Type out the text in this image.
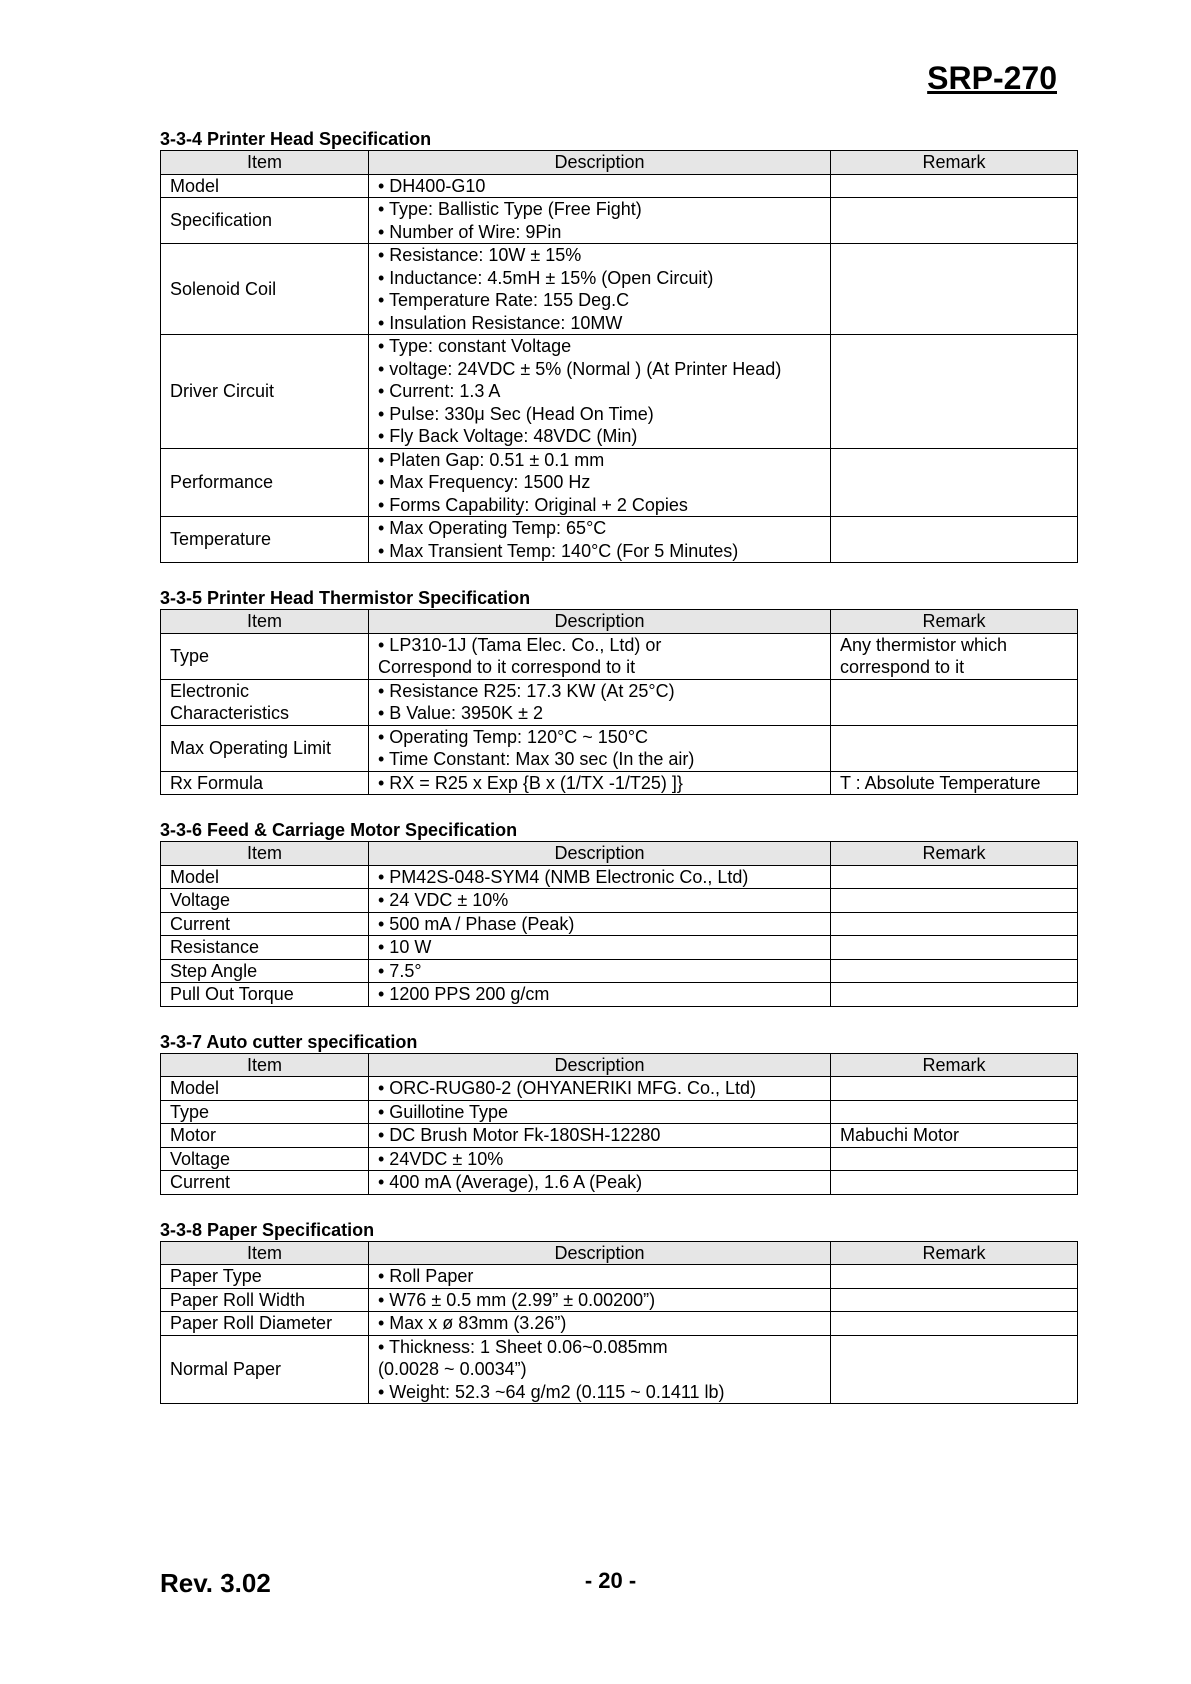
SRP-270
3-3-4 Printer Head Specification
Item	Description	Remark
Model	• DH400-G10	
Specification	• Type: Ballistic Type (Free Fight)
• Number of Wire: 9Pin	
Solenoid Coil	• Resistance: 10W ± 15%
• Inductance: 4.5mH ± 15% (Open Circuit)
• Temperature Rate: 155 Deg.C
• Insulation Resistance: 10MW	
Driver Circuit	• Type: constant Voltage
• voltage: 24VDC ± 5% (Normal ) (At Printer Head)
• Current: 1.3 A
• Pulse: 330μ Sec (Head On Time)
• Fly Back Voltage: 48VDC (Min)	
Performance	• Platen Gap: 0.51 ± 0.1 mm
• Max Frequency: 1500 Hz
• Forms Capability: Original + 2 Copies	
Temperature	• Max Operating Temp: 65°C
• Max Transient Temp: 140°C (For 5 Minutes)	
3-3-5 Printer Head Thermistor Specification
Item	Description	Remark
Type	• LP310-1J (Tama Elec. Co., Ltd) or
Correspond to it correspond to it	Any thermistor which
correspond to it
Electronic
Characteristics	• Resistance R25: 17.3 KW (At 25°C)
• B Value: 3950K ± 2	
Max Operating Limit	• Operating Temp: 120°C ~ 150°C
• Time Constant: Max 30 sec (In the air)	
Rx Formula	• RX = R25 x Exp {B x (1/TX -1/T25) ]}	T : Absolute Temperature
3-3-6 Feed & Carriage Motor Specification
Item	Description	Remark
Model	• PM42S-048-SYM4 (NMB Electronic Co., Ltd)	
Voltage	• 24 VDC ± 10%	
Current	• 500 mA / Phase (Peak)	
Resistance	• 10 W	
Step Angle	• 7.5°	
Pull Out Torque	• 1200 PPS 200 g/cm	
3-3-7 Auto cutter specification
Item	Description	Remark
Model	• ORC-RUG80-2 (OHYANERIKI MFG. Co., Ltd)	
Type	• Guillotine Type	
Motor	• DC Brush Motor Fk-180SH-12280	Mabuchi Motor
Voltage	• 24VDC ± 10%	
Current	• 400 mA (Average), 1.6 A (Peak)	
3-3-8 Paper Specification
Item	Description	Remark
Paper Type	• Roll Paper	
Paper Roll Width	• W76 ± 0.5 mm (2.99” ± 0.00200”)	
Paper Roll Diameter	• Max x ø 83mm (3.26”)	
Normal Paper	• Thickness: 1 Sheet 0.06~0.085mm
(0.0028 ~ 0.0034”)
• Weight: 52.3 ~64 g/m2 (0.115 ~ 0.1411 lb)	
Rev. 3.02	- 20 -
